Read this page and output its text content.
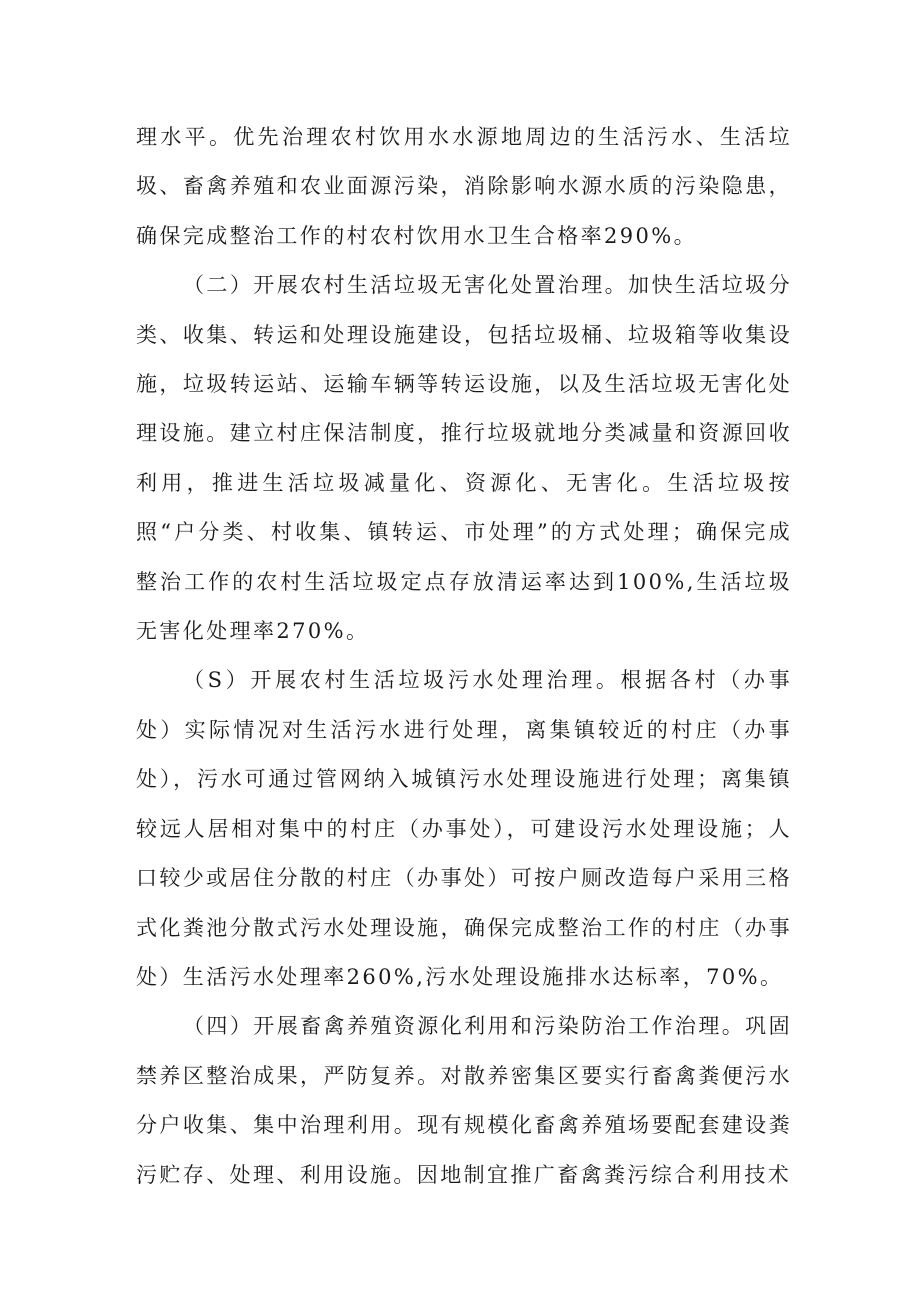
理水平。优先治理农村饮用水水源地周边的生活污水、生活垃圾、畜禽养殖和农业面源污染，消除影响水源水质的污染隐患，确保完成整治工作的村农村饮用水卫生合格率290%。

（二）开展农村生活垃圾无害化处置治理。加快生活垃圾分类、收集、转运和处理设施建设，包括垃圾桶、垃圾箱等收集设施，垃圾转运站、运输车辆等转运设施，以及生活垃圾无害化处理设施。建立村庄保洁制度，推行垃圾就地分类减量和资源回收利用，推进生活垃圾减量化、资源化、无害化。生活垃圾按照“户分类、村收集、镇转运、市处理”的方式处理；确保完成整治工作的农村生活垃圾定点存放清运率达到100%,生活垃圾无害化处理率270%。

（S）开展农村生活垃圾污水处理治理。根据各村（办事处）实际情况对生活污水进行处理，离集镇较近的村庄（办事处），污水可通过管网纳入城镇污水处理设施进行处理；离集镇较远人居相对集中的村庄（办事处），可建设污水处理设施；人口较少或居住分散的村庄（办事处）可按户厕改造每户采用三格式化粪池分散式污水处理设施，确保完成整治工作的村庄（办事处）生活污水处理率260%,污水处理设施排水达标率，70%。

（四）开展畜禽养殖资源化利用和污染防治工作治理。巩固禁养区整治成果，严防复养。对散养密集区要实行畜禽粪便污水分户收集、集中治理利用。现有规模化畜禽养殖场要配套建设粪污贮存、处理、利用设施。因地制宜推广畜禽粪污综合利用技术
